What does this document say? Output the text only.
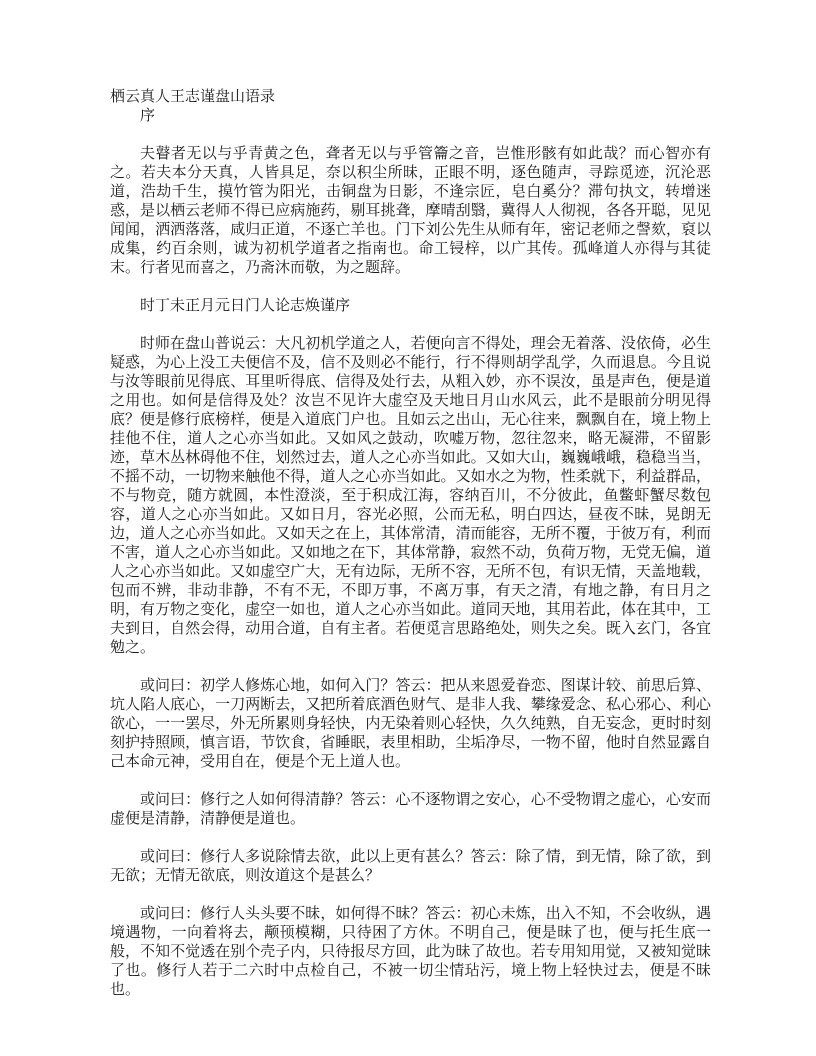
栖云真人王志谨盘山语录
序

夫瞽者无以与乎青黄之色，聋者无以与乎管籥之音，岂惟形骸有如此哉？而心智亦有之。若夫本分天真，人皆具足，奈以积尘所昧，正眼不明，逐色随声，寻踪觅迹，沉沦恶道，浩劫千生，摸竹管为阳光，击铜盘为日影，不逢宗匠，皂白奚分？滞句执文，转增迷惑，是以栖云老师不得已应病施药，剔耳挑聋，摩晴刮翳，冀得人人彻视，各各开聪，见见闻闻，洒洒落落，咸归正道，不逐亡羊也。门下刘公先生从师有年，密记老师之謦欬，裒以成集，约百余则，诚为初机学道者之指南也。命工锓梓，以广其传。孤峰道人亦得与其徒末。行者见而喜之，乃斋沐而敬，为之题辞。

时丁未正月元日门人论志焕谨序

时师在盘山普说云：大凡初机学道之人，若便向言不得处，理会无着落、没依倚，必生疑惑，为心上没工夫便信不及，信不及则必不能行，行不得则胡学乱学，久而退息。今且说与汝等眼前见得底、耳里听得底、信得及处行去，从粗入妙，亦不误汝，虽是声色，便是道之用也。如何是信得及处？汝岂不见许大虚空及天地日月山水风云，此不是眼前分明见得底？便是修行底榜样，便是入道底门户也。且如云之出山，无心往来，飘飘自在，境上物上挂他不住，道人之心亦当如此。又如风之鼓动，吹嘘万物，忽往忽来，略无凝滞，不留影迹，草木丛林碍他不住，划然过去，道人之心亦当如此。又如大山，巍巍峨峨，稳稳当当，不摇不动，一切物来触他不得，道人之心亦当如此。又如水之为物，性柔就下，利益群品，不与物竞，随方就圆，本性澄淡，至于积成江海，容纳百川，不分彼此，鱼鳖虾蟹尽数包容，道人之心亦当如此。又如日月，容光必照，公而无私，明白四达，昼夜不昧，晃朗无边，道人之心亦当如此。又如天之在上，其体常清，清而能容，无所不覆，于彼万有，利而不害，道人之心亦当如此。又如地之在下，其体常静，寂然不动，负荷万物，无党无偏，道人之心亦当如此。又如虚空广大，无有边际，无所不容，无所不包，有识无情，天盖地载，包而不辨，非动非静，不有不无，不即万事，不离万事，有天之清，有地之静，有日月之明，有万物之变化，虚空一如也，道人之心亦当如此。道同天地，其用若此，体在其中，工夫到日，自然会得，动用合道，自有主者。若便觅言思路绝处，则失之矣。既入玄门，各宜勉之。

或问曰：初学人修炼心地，如何入门？答云：把从来恩爱眷恋、图谋计较、前思后算、坑人陷人底心，一刀两断去，又把所着底酒色财气、是非人我、攀缘爱念、私心邪心、利心欲心，一一罢尽，外无所累则身轻快，内无染着则心轻快，久久纯熟，自无妄念，更时时刻刻护持照顾，慎言语，节饮食，省睡眠，表里相助，尘垢净尽，一物不留，他时自然显露自己本命元神，受用自在，便是个无上道人也。

或问曰：修行之人如何得清静？答云：心不逐物谓之安心，心不受物谓之虚心，心安而虚便是清静，清静便是道也。

或问曰：修行人多说除情去欲，此以上更有甚么？答云：除了情，到无情，除了欲，到无欲；无情无欲底，则汝道这个是甚么？

或问曰：修行人头头要不昧，如何得不昧？答云：初心未炼，出入不知，不会收纵，遇境遇物，一向着将去，颟顸模糊，只待困了方休。不明自己，便是昧了也，便与托生底一般，不知不觉透在别个壳子内，只待报尽方回，此为昧了故也。若专用知用觉，又被知觉昧了也。修行人若于二六时中点检自己，不被一切尘情玷污，境上物上轻快过去，便是不昧也。
